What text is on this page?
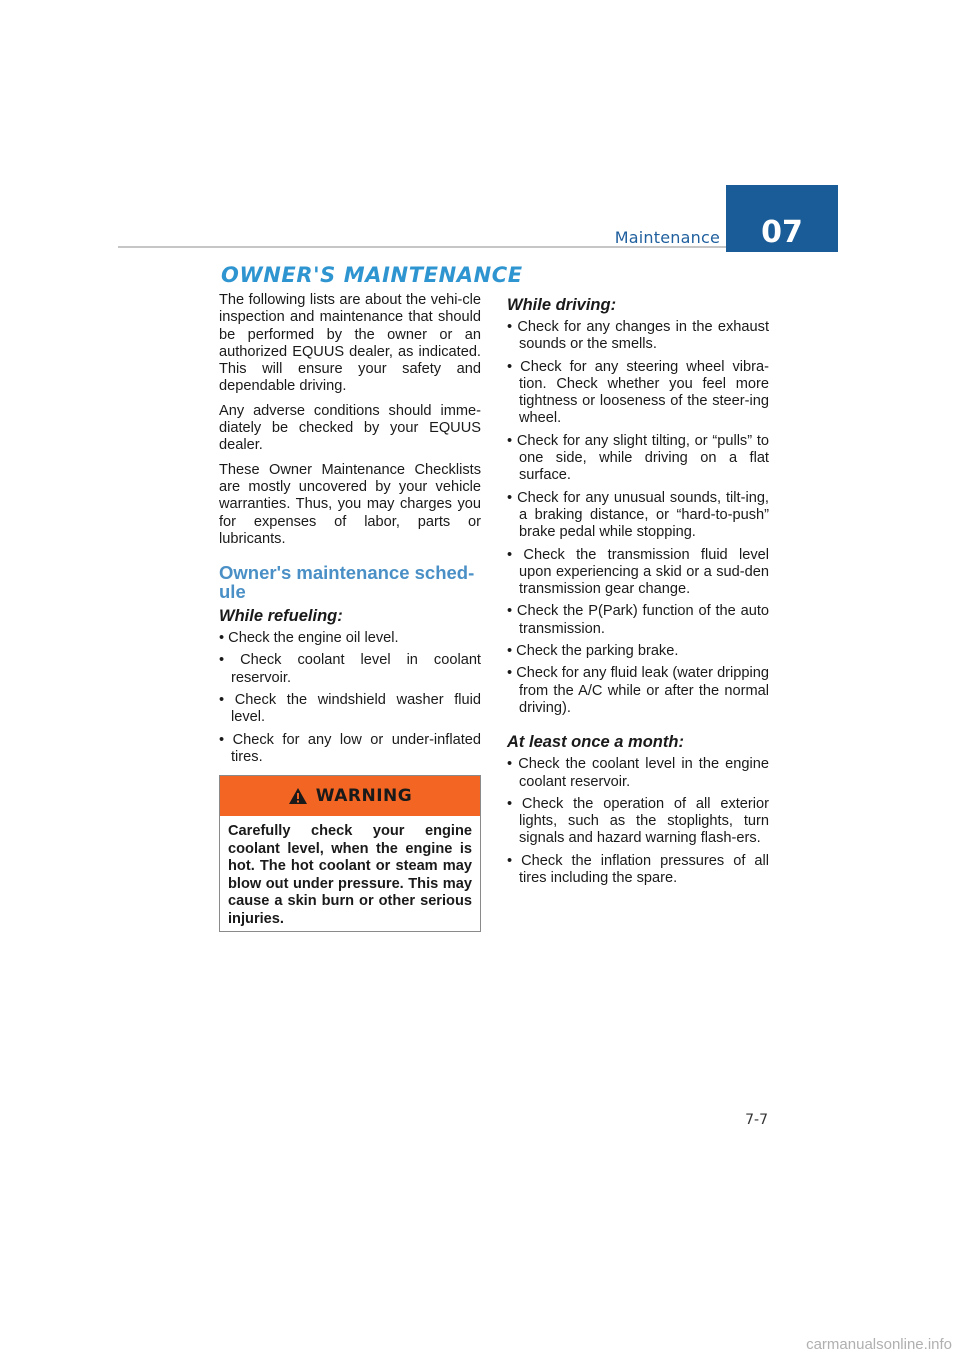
Maintenance	07
OWNER'S MAINTENANCE

The following lists are about the vehi-cle inspection and maintenance that should be performed by the owner or an authorized EQUUS dealer, as indicated. This will ensure your safety and dependable driving.

Any adverse conditions should imme-diately be checked by your EQUUS dealer.

These Owner Maintenance Checklists are mostly uncovered by your vehicle warranties. Thus, you may charges you for expenses of labor, parts or lubricants.

Owner's maintenance sched-ule
While refueling:
• Check the engine oil level.
• Check coolant level in coolant reservoir.
• Check the windshield washer fluid level.
• Check for any low or under-inflated tires.
WARNING
Carefully check your engine coolant level, when the engine is hot. The hot coolant or steam may blow out under pressure. This may cause a skin burn or other serious injuries.
While driving:
• Check for any changes in the exhaust sounds or the smells.
• Check for any steering wheel vibra-tion. Check whether you feel more tightness or looseness of the steer-ing wheel.
• Check for any slight tilting, or “pulls” to one side, while driving on a flat surface.
• Check for any unusual sounds, tilt-ing, a braking distance, or “hard-to-push” brake pedal while stopping.
• Check the transmission fluid level upon experiencing a skid or a sud-den transmission gear change.
• Check the P(Park) function of the auto transmission.
• Check the parking brake.
• Check for any fluid leak (water dripping from the A/C while or after the normal driving).
At least once a month:
• Check the coolant level in the engine coolant reservoir.
• Check the operation of all exterior lights, such as the stoplights, turn signals and hazard warning flash-ers.
• Check the inflation pressures of all tires including the spare.
7-7
carmanualsonline.info
